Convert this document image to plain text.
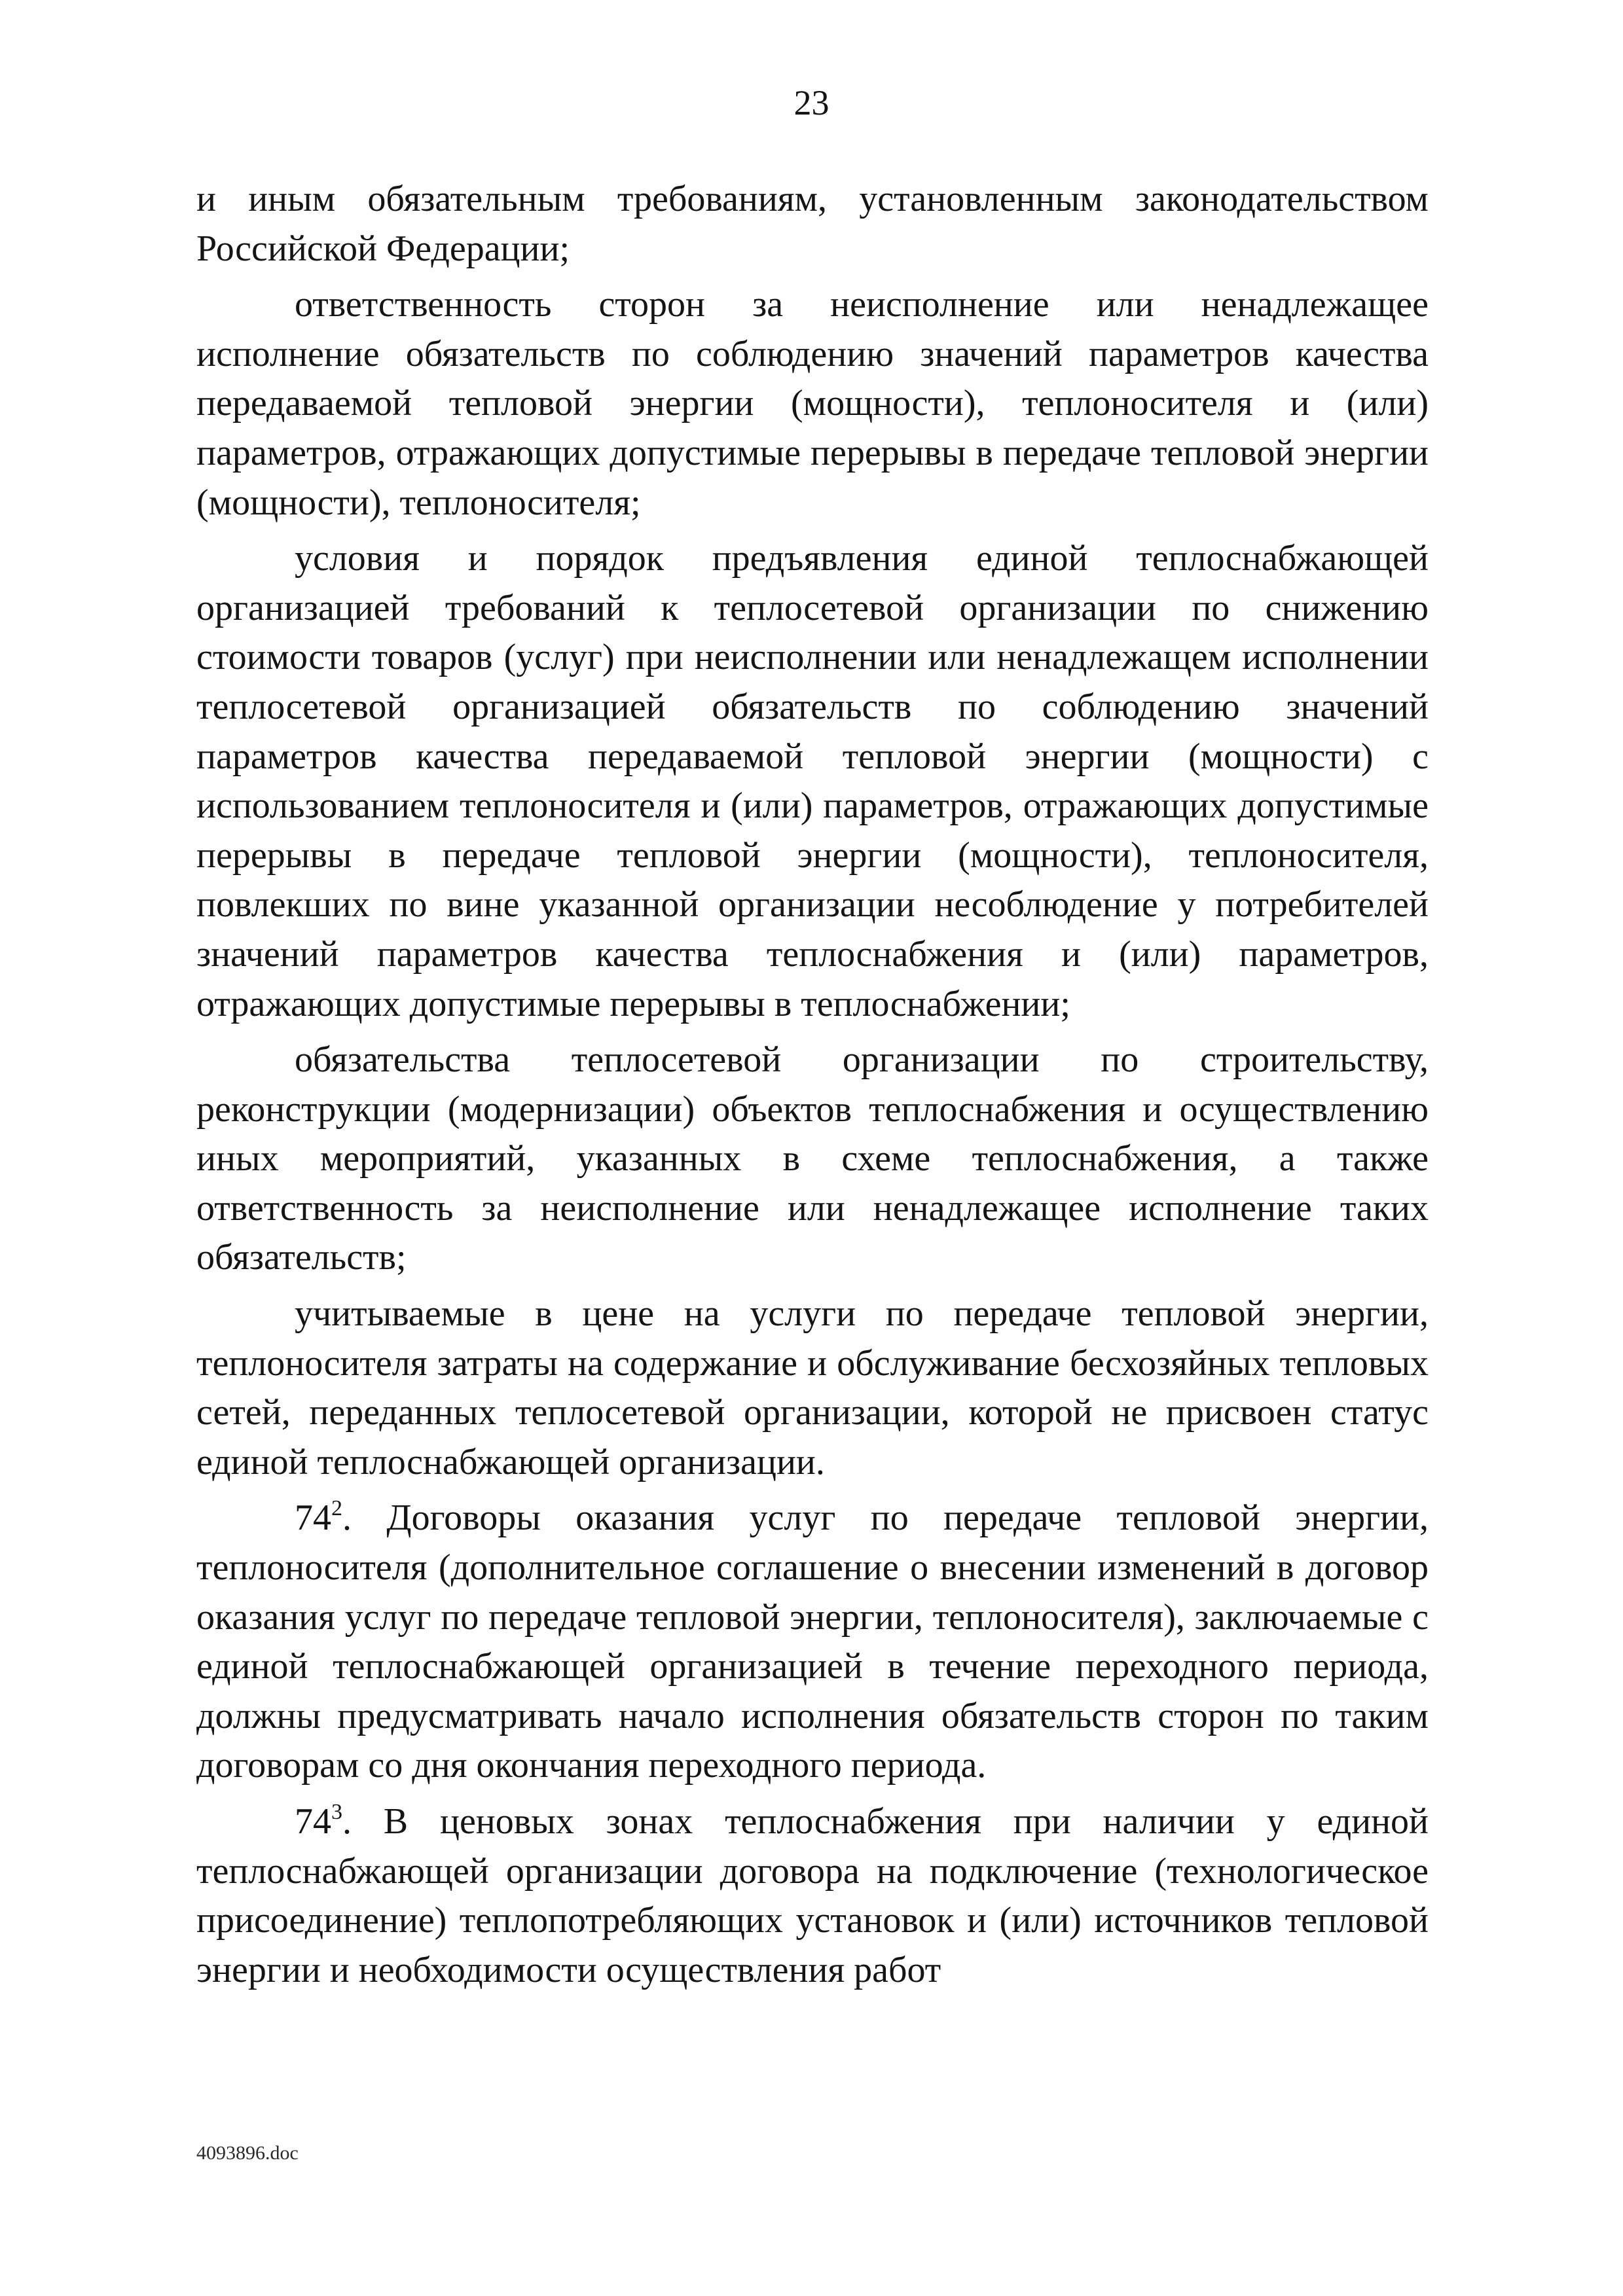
23

и иным обязательным требованиям, установленным законодательством Российской Федерации;

ответственность сторон за неисполнение или ненадлежащее исполнение обязательств по соблюдению значений параметров качества передаваемой тепловой энергии (мощности), теплоносителя и (или) параметров, отражающих допустимые перерывы в передаче тепловой энергии (мощности), теплоносителя;

условия и порядок предъявления единой теплоснабжающей организацией требований к теплосетевой организации по снижению стоимости товаров (услуг) при неисполнении или ненадлежащем исполнении теплосетевой организацией обязательств по соблюдению значений параметров качества передаваемой тепловой энергии (мощности) с использованием теплоносителя и (или) параметров, отражающих допустимые перерывы в передаче тепловой энергии (мощности), теплоносителя, повлекших по вине указанной организации несоблюдение у потребителей значений параметров качества теплоснабжения и (или) параметров, отражающих допустимые перерывы в теплоснабжении;

обязательства теплосетевой организации по строительству, реконструкции (модернизации) объектов теплоснабжения и осуществлению иных мероприятий, указанных в схеме теплоснабжения, а также ответственность за неисполнение или ненадлежащее исполнение таких обязательств;

учитываемые в цене на услуги по передаче тепловой энергии, теплоносителя затраты на содержание и обслуживание бесхозяйных тепловых сетей, переданных теплосетевой организации, которой не присвоен статус единой теплоснабжающей организации.

$74^2$. Договоры оказания услуг по передаче тепловой энергии, теплоносителя (дополнительное соглашение о внесении изменений в договор оказания услуг по передаче тепловой энергии, теплоносителя), заключаемые с единой теплоснабжающей организацией в течение переходного периода, должны предусматривать начало исполнения обязательств сторон по таким договорам со дня окончания переходного периода.

$74^3$. В ценовых зонах теплоснабжения при наличии у единой теплоснабжающей организации договора на подключение (технологическое присоединение) теплопотребляющих установок и (или) источников тепловой энергии и необходимости осуществления работ

4093896.doc
